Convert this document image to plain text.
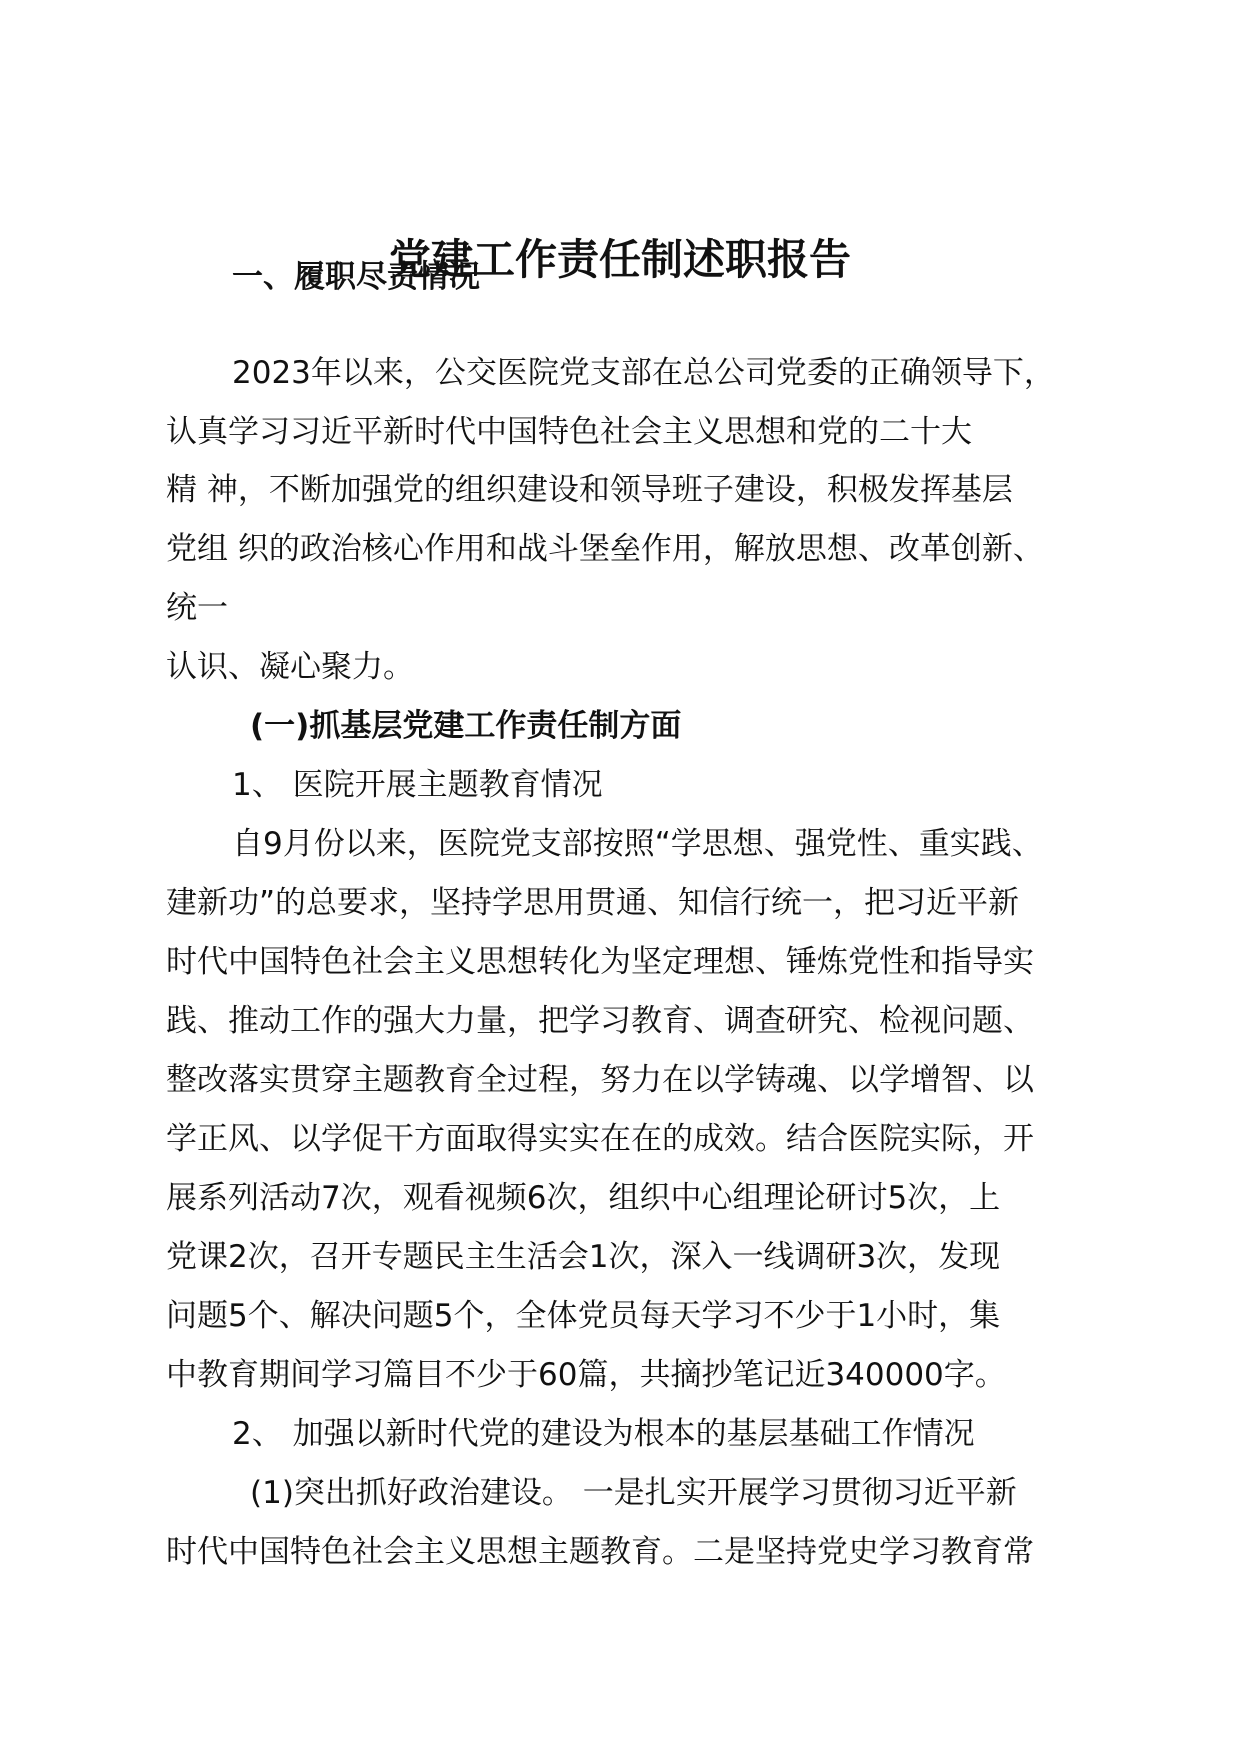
党建工作责任制述职报告
一、履职尽责情况
2023年以来，公交医院党支部在总公司党委的正确领导下，
认真学习习近平新时代中国特色社会主义思想和党的二十大
精 神，不断加强党的组织建设和领导班子建设，积极发挥基层
党组 织的政治核心作用和战斗堡垒作用，解放思想、改革创新、
统一
认识、凝心聚力。
(一)抓基层党建工作责任制方面
1、 医院开展主题教育情况
自9月份以来，医院党支部按照“学思想、强党性、重实践、
建新功”的总要求，坚持学思用贯通、知信行统一，把习近平新
时代中国特色社会主义思想转化为坚定理想、锤炼党性和指导实
践、推动工作的强大力量，把学习教育、调查研究、检视问题、
整改落实贯穿主题教育全过程，努力在以学铸魂、以学增智、以
学正风、以学促干方面取得实实在在的成效。结合医院实际，开
展系列活动7次，观看视频6次，组织中心组理论研讨5次，上
党课2次，召开专题民主生活会1次，深入一线调研3次，发现
问题5个、解决问题5个，全体党员每天学习不少于1小时，集
中教育期间学习篇目不少于60篇，共摘抄笔记近340000字。
2、 加强以新时代党的建设为根本的基层基础工作情况
(1)突出抓好政治建设。 一是扎实开展学习贯彻习近平新
时代中国特色社会主义思想主题教育。二是坚持党史学习教育常
